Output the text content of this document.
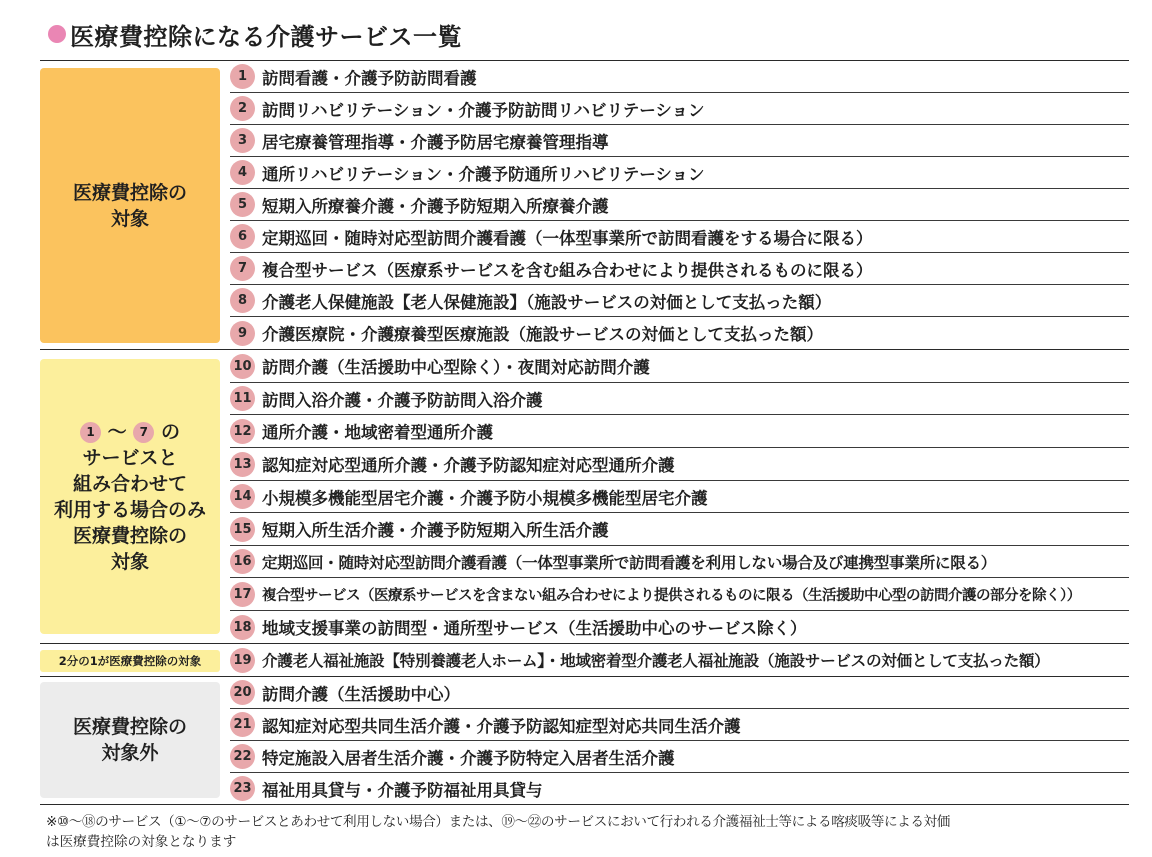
医療費控除になる介護サービス一覧
医療費控除の
対象
1 〜 7 の
サービスと
組み合わせて
利用する場合のみ
医療費控除の
対象
2分の1が医療費控除の対象
医療費控除の
対象外
1 訪問看護・介護予防訪問看護
2 訪問リハビリテーション・介護予防訪問リハビリテーション
3 居宅療養管理指導・介護予防居宅療養管理指導
4 通所リハビリテーション・介護予防通所リハビリテーション
5 短期入所療養介護・介護予防短期入所療養介護
6 定期巡回・随時対応型訪問介護看護（一体型事業所で訪問看護をする場合に限る）
7 複合型サービス（医療系サービスを含む組み合わせにより提供されるものに限る）
8 介護老人保健施設【老人保健施設】（施設サービスの対価として支払った額）
9 介護医療院・介護療養型医療施設（施設サービスの対価として支払った額）
10 訪問介護（生活援助中心型除く）・夜間対応訪問介護
11 訪問入浴介護・介護予防訪問入浴介護
12 通所介護・地域密着型通所介護
13 認知症対応型通所介護・介護予防認知症対応型通所介護
14 小規模多機能型居宅介護・介護予防小規模多機能型居宅介護
15 短期入所生活介護・介護予防短期入所生活介護
16 定期巡回・随時対応型訪問介護看護（一体型事業所で訪問看護を利用しない場合及び連携型事業所に限る）
17 複合型サービス（医療系サービスを含まない組み合わせにより提供されるものに限る（生活援助中心型の訪問介護の部分を除く））
18 地域支援事業の訪問型・通所型サービス（生活援助中心のサービス除く）
19 介護老人福祉施設【特別養護老人ホーム】・地域密着型介護老人福祉施設（施設サービスの対価として支払った額）
20 訪問介護（生活援助中心）
21 認知症対応型共同生活介護・介護予防認知症型対応共同生活介護
22 特定施設入居者生活介護・介護予防特定入居者生活介護
23 福祉用具貸与・介護予防福祉用具貸与
※⑩〜⑱のサービス（①〜⑦のサービスとあわせて利用しない場合）または、⑲〜㉒のサービスにおいて行われる介護福祉士等による喀痰吸等による対価
は医療費控除の対象となります
